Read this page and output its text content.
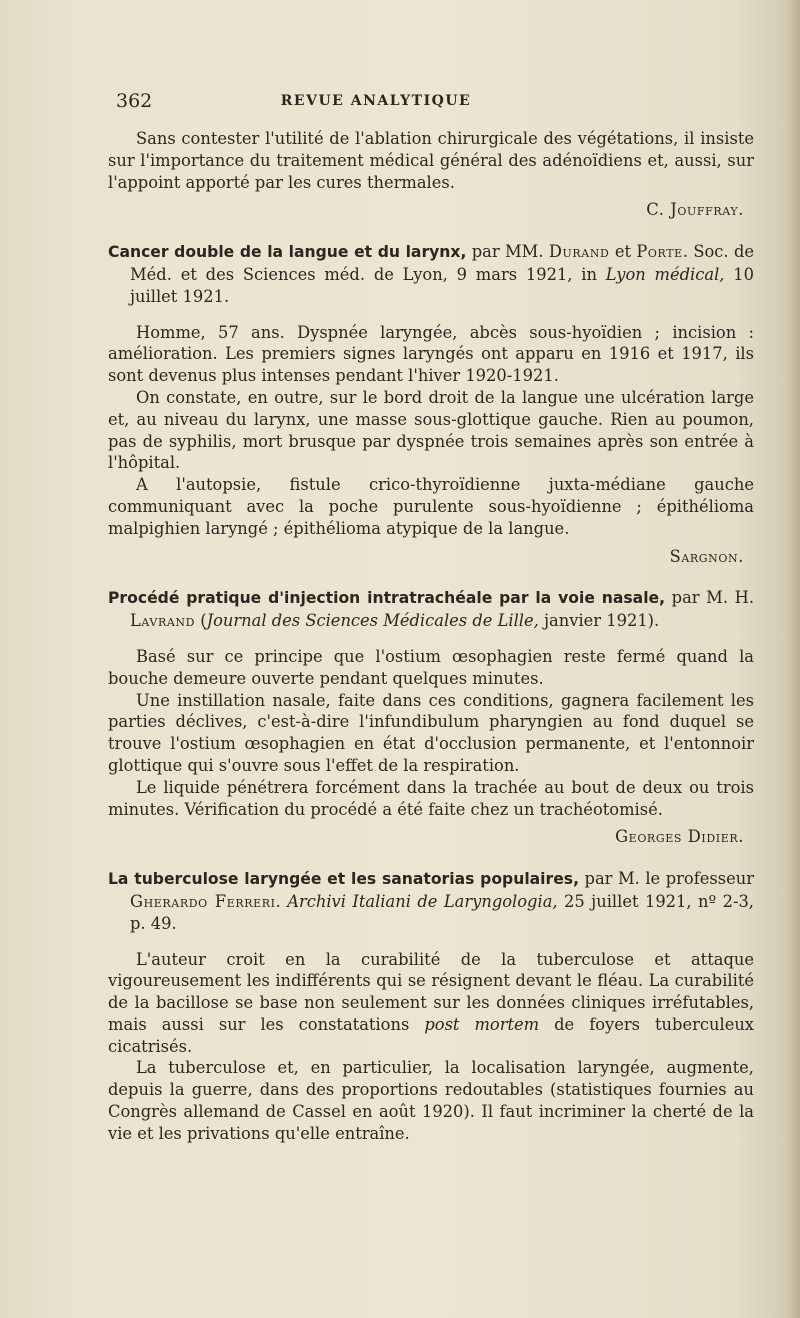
362	REVUE ANALYTIQUE

Sans contester l'utilité de l'ablation chirurgicale des végétations, il insiste sur l'importance du traitement médical général des adénoïdiens et, aussi, sur l'appoint apporté par les cures thermales.

C. Jouffray.

Cancer double de la langue et du larynx, par MM. Durand et Porte. Soc. de Méd. et des Sciences méd. de Lyon, 9 mars 1921, in Lyon médical, 10 juillet 1921.

Homme, 57 ans. Dyspnée laryngée, abcès sous-hyoïdien ; incision : amélioration. Les premiers signes laryngés ont apparu en 1916 et 1917, ils sont devenus plus intenses pendant l'hiver 1920-1921.

On constate, en outre, sur le bord droit de la langue une ulcération large et, au niveau du larynx, une masse sous-glottique gauche. Rien au poumon, pas de syphilis, mort brusque par dyspnée trois semaines après son entrée à l'hôpital.

A l'autopsie, fistule crico-thyroïdienne juxta-médiane gauche communiquant avec la poche purulente sous-hyoïdienne ; épithélioma malpighien laryngé ; épithélioma atypique de la langue.

Sargnon.

Procédé pratique d'injection intratrachéale par la voie nasale, par M. H. Lavrand (Journal des Sciences Médicales de Lille, janvier 1921).

Basé sur ce principe que l'ostium œsophagien reste fermé quand la bouche demeure ouverte pendant quelques minutes.

Une instillation nasale, faite dans ces conditions, gagnera facilement les parties déclives, c'est-à-dire l'infundibulum pharyngien au fond duquel se trouve l'ostium œsophagien en état d'occlusion permanente, et l'entonnoir glottique qui s'ouvre sous l'effet de la respiration.

Le liquide pénétrera forcément dans la trachée au bout de deux ou trois minutes. Vérification du procédé a été faite chez un trachéotomisé.

Georges Didier.

La tuberculose laryngée et les sanatorias populaires, par M. le professeur Gherardo Ferreri. Archivi Italiani de Laryngologia, 25 juillet 1921, nº 2-3, p. 49.

L'auteur croit en la curabilité de la tuberculose et attaque vigoureusement les indifférents qui se résignent devant le fléau. La curabilité de la bacillose se base non seulement sur les données cliniques irréfutables, mais aussi sur les constatations post mortem de foyers tuberculeux cicatrisés.

La tuberculose et, en particulier, la localisation laryngée, augmente, depuis la guerre, dans des proportions redoutables (statistiques fournies au Congrès allemand de Cassel en août 1920). Il faut incriminer la cherté de la vie et les privations qu'elle entraîne.
